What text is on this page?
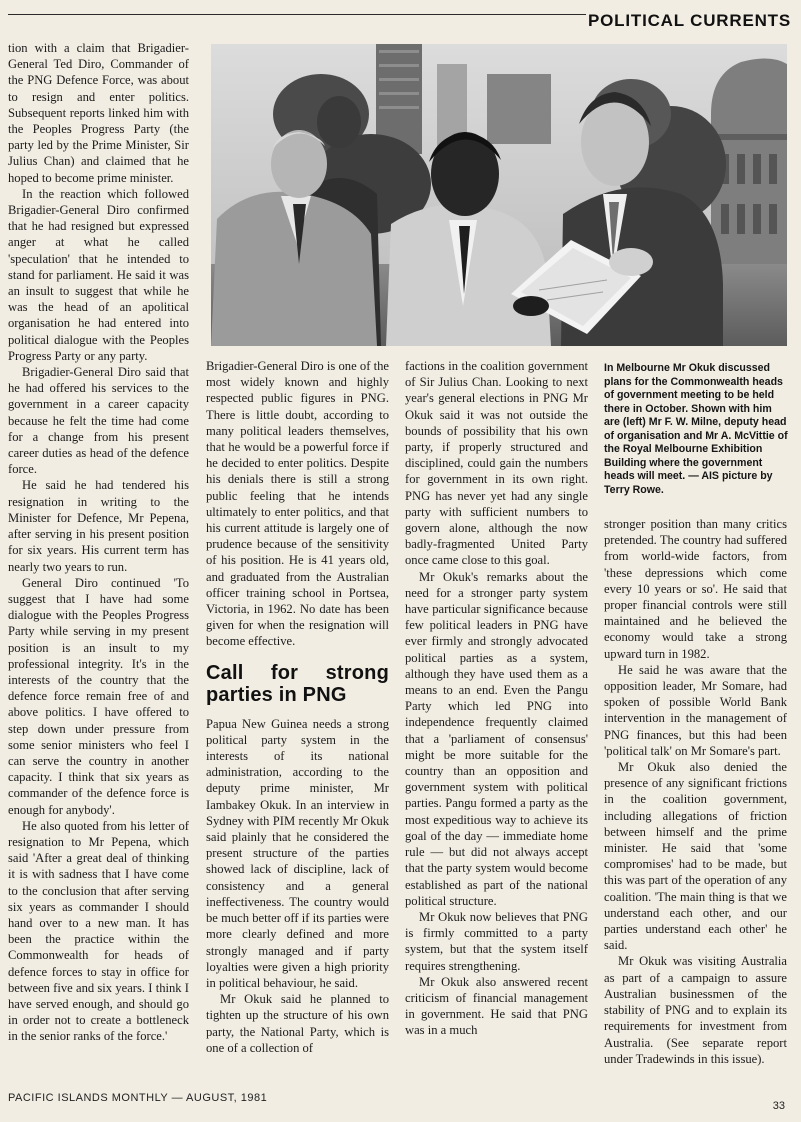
POLITICAL CURRENTS

tion with a claim that Brigadier-General Ted Diro, Commander of the PNG Defence Force, was about to resign and enter politics. Subsequent reports linked him with the Peoples Progress Party (the party led by the Prime Minister, Sir Julius Chan) and claimed that he hoped to become prime minister.

In the reaction which followed Brigadier-General Diro confirmed that he had resigned but expressed anger at what he called 'speculation' that he intended to stand for parliament. He said it was an insult to suggest that while he was the head of an apolitical organisation he had entered into political dialogue with the Peoples Progress Party or any party.

Brigadier-General Diro said that he had offered his services to the government in a career capacity because he felt the time had come for a change from his present career duties as head of the defence force.

He said he had tendered his resignation in writing to the Minister for Defence, Mr Pepena, after serving in his present position for six years. His current term has nearly two years to run.

General Diro continued 'To suggest that I have had some dialogue with the Peoples Progress Party while serving in my present position is an insult to my professional integrity. It's in the interests of the country that the defence force remain free of and above politics. I have offered to step down under pressure from some senior ministers who feel I can serve the country in another capacity. I think that six years as commander of the defence force is enough for anybody'.

He also quoted from his letter of resignation to Mr Pepena, which said 'After a great deal of thinking it is with sadness that I have come to the conclusion that after serving six years as commander I should hand over to a new man. It has been the practice within the Commonwealth for heads of defence forces to stay in office for between five and six years. I think I have served enough, and should go in order not to create a bottleneck in the senior ranks of the force.'

Brigadier-General Diro is one of the most widely known and highly respected public figures in PNG. There is little doubt, according to many political leaders themselves, that he would be a powerful force if he decided to enter politics. Despite his denials there is still a strong public feeling that he intends ultimately to enter politics, and that his current attitude is largely one of prudence because of the sensitivity of his position. He is 41 years old, and graduated from the Australian officer training school in Portsea, Victoria, in 1962. No date has been given for when the resignation will become effective.

Call for strong parties in PNG

Papua New Guinea needs a strong political party system in the interests of its national administration, according to the deputy prime minister, Mr Iambakey Okuk. In an interview in Sydney with PIM recently Mr Okuk said plainly that he considered the present structure of the parties showed lack of discipline, lack of consistency and a general ineffectiveness. The country would be much better off if its parties were more clearly defined and more strongly managed and if party loyalties were given a high priority in political behaviour, he said.

Mr Okuk said he planned to tighten up the structure of his own party, the National Party, which is one of a collection of

factions in the coalition government of Sir Julius Chan. Looking to next year's general elections in PNG Mr Okuk said it was not outside the bounds of possibility that his own party, if properly structured and disciplined, could gain the numbers for government in its own right. PNG has never yet had any single party with sufficient numbers to govern alone, although the now badly-fragmented United Party once came close to this goal.

Mr Okuk's remarks about the need for a stronger party system have particular significance because few political leaders in PNG have ever firmly and strongly advocated political parties as a system, although they have used them as a means to an end. Even the Pangu Party which led PNG into independence frequently claimed that a 'parliament of consensus' might be more suitable for the country than an opposition and government system with political parties. Pangu formed a party as the most expeditious way to achieve its goal of the day — immediate home rule — but did not always accept that the party system would become established as part of the national political structure.

Mr Okuk now believes that PNG is firmly committed to a party system, but that the system itself requires strengthening.

Mr Okuk also answered recent criticism of financial management in government. He said that PNG was in a much

In Melbourne Mr Okuk discussed plans for the Commonwealth heads of government meeting to be held there in October. Shown with him are (left) Mr F. W. Milne, deputy head of organisation and Mr A. McVittie of the Royal Melbourne Exhibition Building where the government heads will meet. — AIS picture by Terry Rowe.

stronger position than many critics pretended. The country had suffered from world-wide factors, from 'these depressions which come every 10 years or so'. He said that proper financial controls were still maintained and he believed the economy would take a strong upward turn in 1982.

He said he was aware that the opposition leader, Mr Somare, had spoken of possible World Bank intervention in the management of PNG finances, but this had been 'political talk' on Mr Somare's part.

Mr Okuk also denied the presence of any significant frictions in the coalition government, including allegations of friction between himself and the prime minister. He said that 'some compromises' had to be made, but this was part of the operation of any coalition. 'The main thing is that we understand each other, and our parties understand each other' he said.

Mr Okuk was visiting Australia as part of a campaign to assure Australian businessmen of the stability of PNG and to explain its requirements for investment from Australia. (See separate report under Tradewinds in this issue).

PACIFIC ISLANDS MONTHLY — AUGUST, 1981

33
